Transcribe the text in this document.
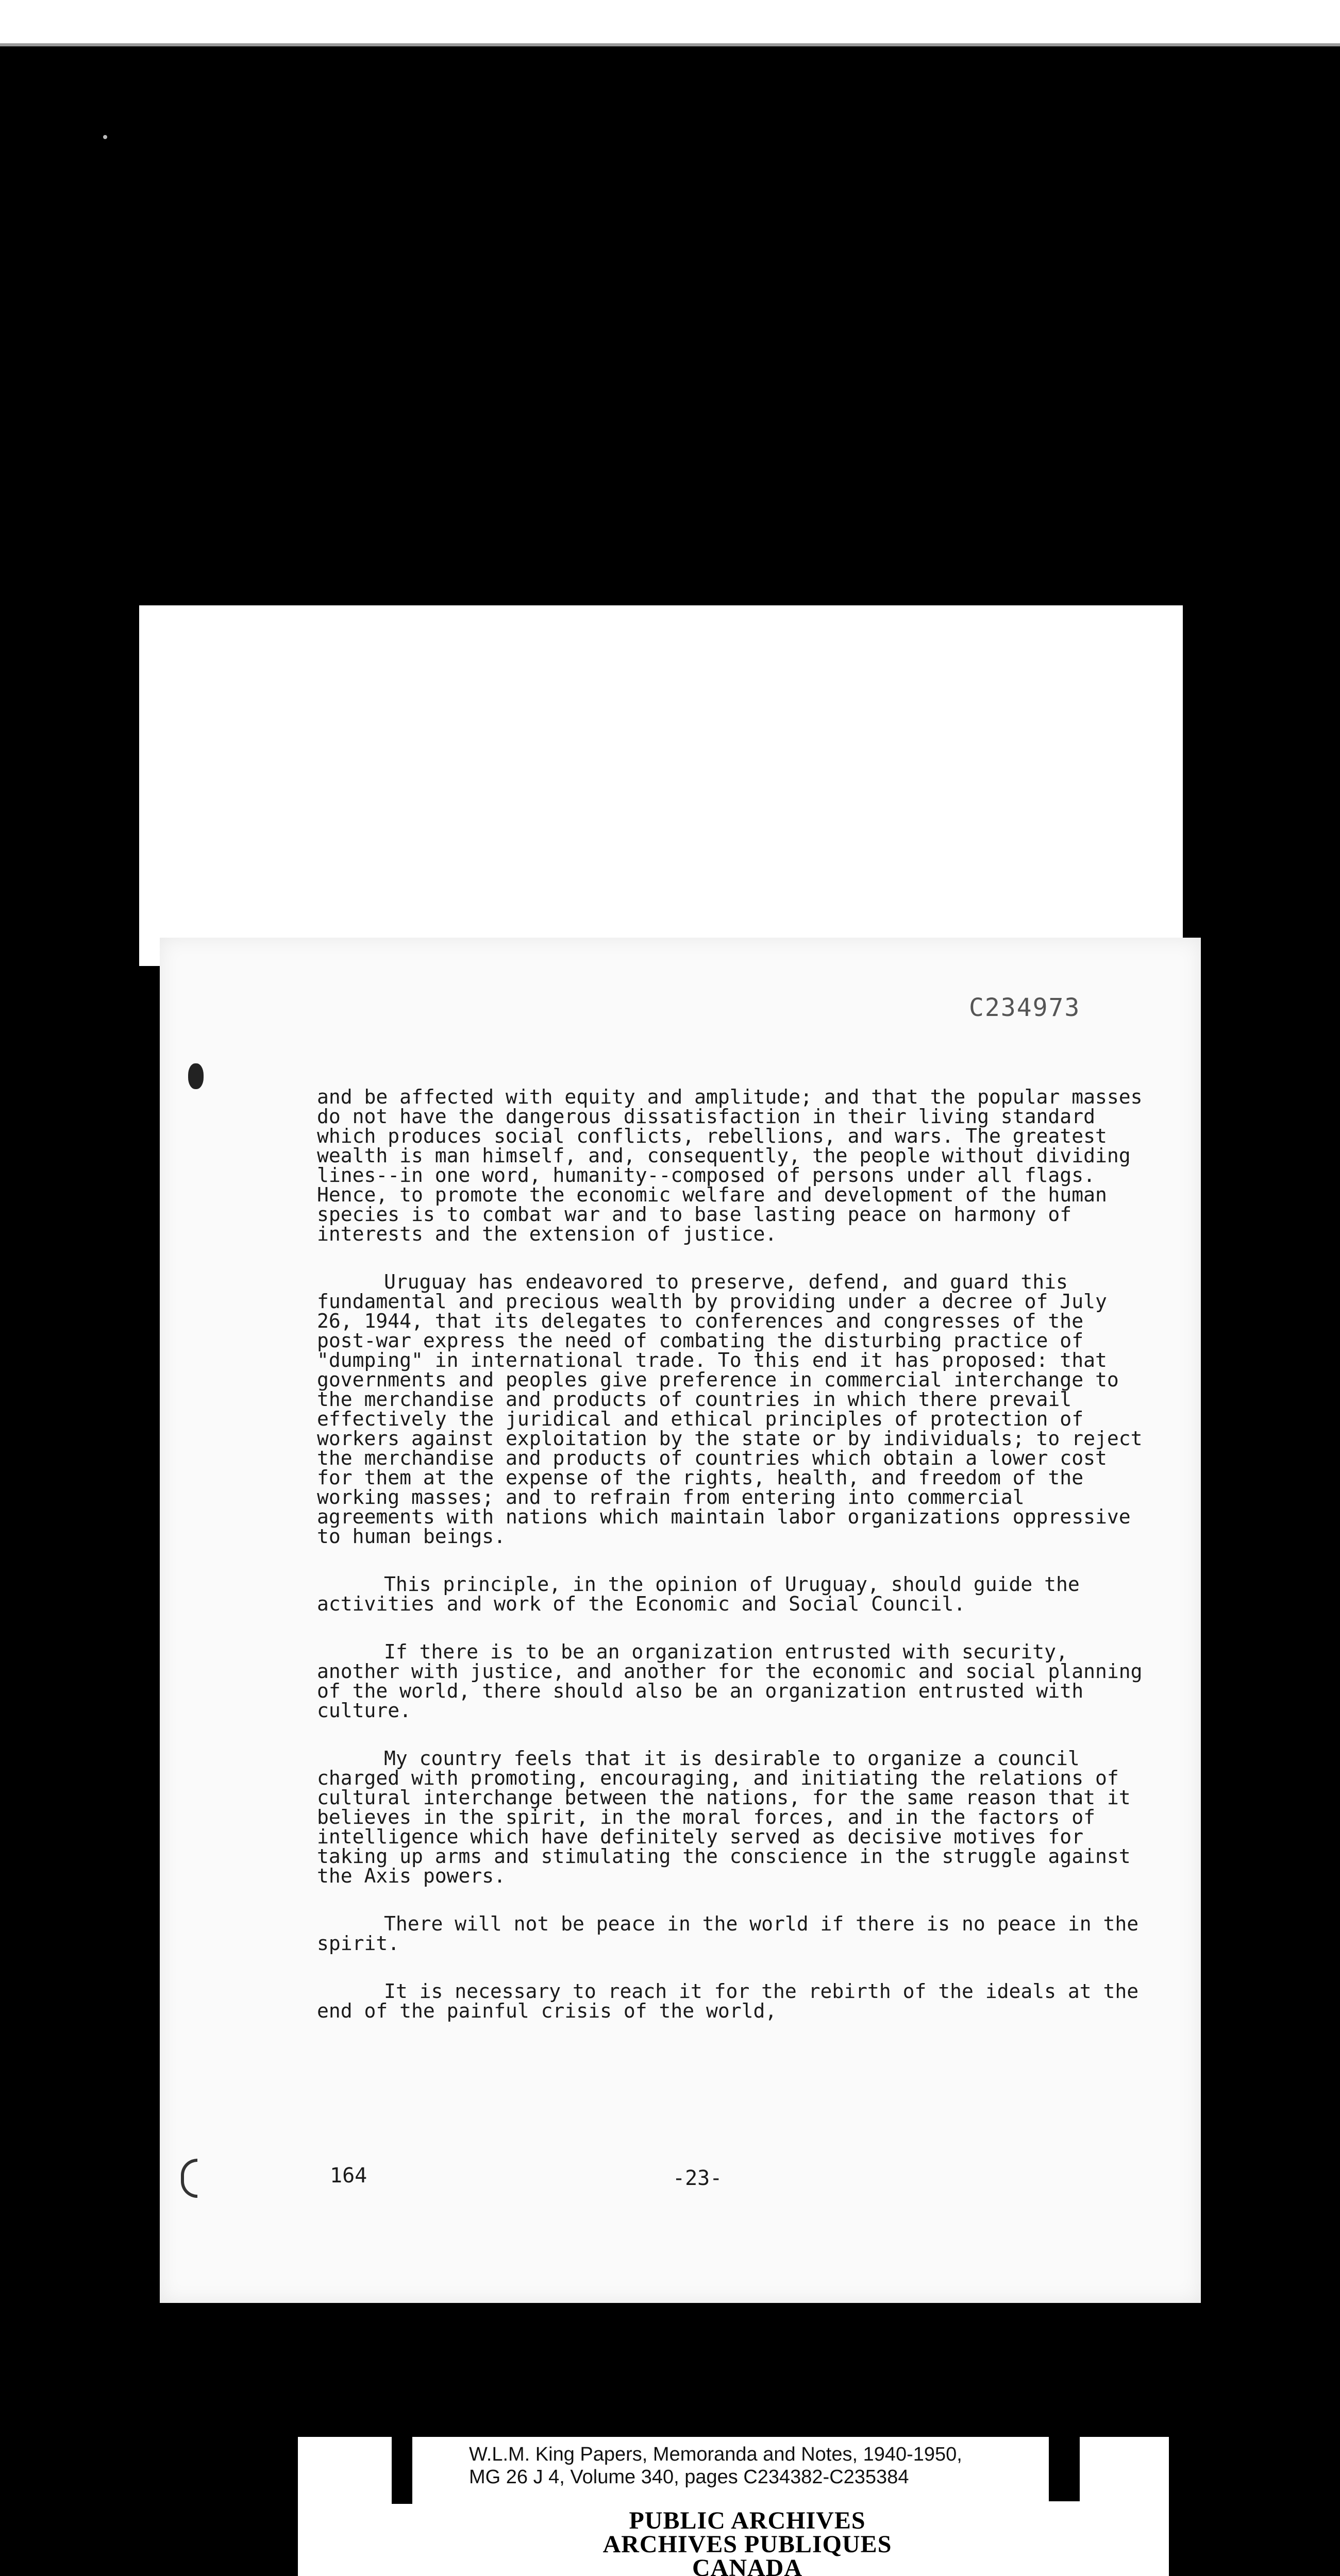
C234973

and be affected with equity and amplitude; and that the popular masses do not have the dangerous dissatisfaction in their living standard which produces social conflicts, rebellions, and wars. The greatest wealth is man himself, and, consequently, the people without dividing lines--in one word, humanity--composed of persons under all flags. Hence, to promote the economic welfare and development of the human species is to combat war and to base lasting peace on harmony of interests and the extension of justice.

Uruguay has endeavored to preserve, defend, and guard this fundamental and precious wealth by providing under a decree of July 26, 1944, that its delegates to conferences and congresses of the post-war express the need of combating the disturbing practice of "dumping" in international trade. To this end it has proposed: that governments and peoples give preference in commercial interchange to the merchandise and products of countries in which there prevail effectively the juridical and ethical principles of protection of workers against exploitation by the state or by individuals; to reject the merchandise and products of countries which obtain a lower cost for them at the expense of the rights, health, and freedom of the working masses; and to refrain from entering into commercial agreements with nations which maintain labor organizations oppressive to human beings.

This principle, in the opinion of Uruguay, should guide the activities and work of the Economic and Social Council.

If there is to be an organization entrusted with security, another with justice, and another for the economic and social planning of the world, there should also be an organization entrusted with culture.

My country feels that it is desirable to organize a council charged with promoting, encouraging, and initiating the relations of cultural interchange between the nations, for the same reason that it believes in the spirit, in the moral forces, and in the factors of intelligence which have definitely served as decisive motives for taking up arms and stimulating the conscience in the struggle against the Axis powers.

There will not be peace in the world if there is no peace in the spirit.

It is necessary to reach it for the rebirth of the ideals at the end of the painful crisis of the world,

164	-23-
W.L.M. King Papers, Memoranda and Notes, 1940-1950,
MG 26 J 4, Volume 340, pages C234382-C235384
PUBLIC ARCHIVES
ARCHIVES PUBLIQUES
CANADA
